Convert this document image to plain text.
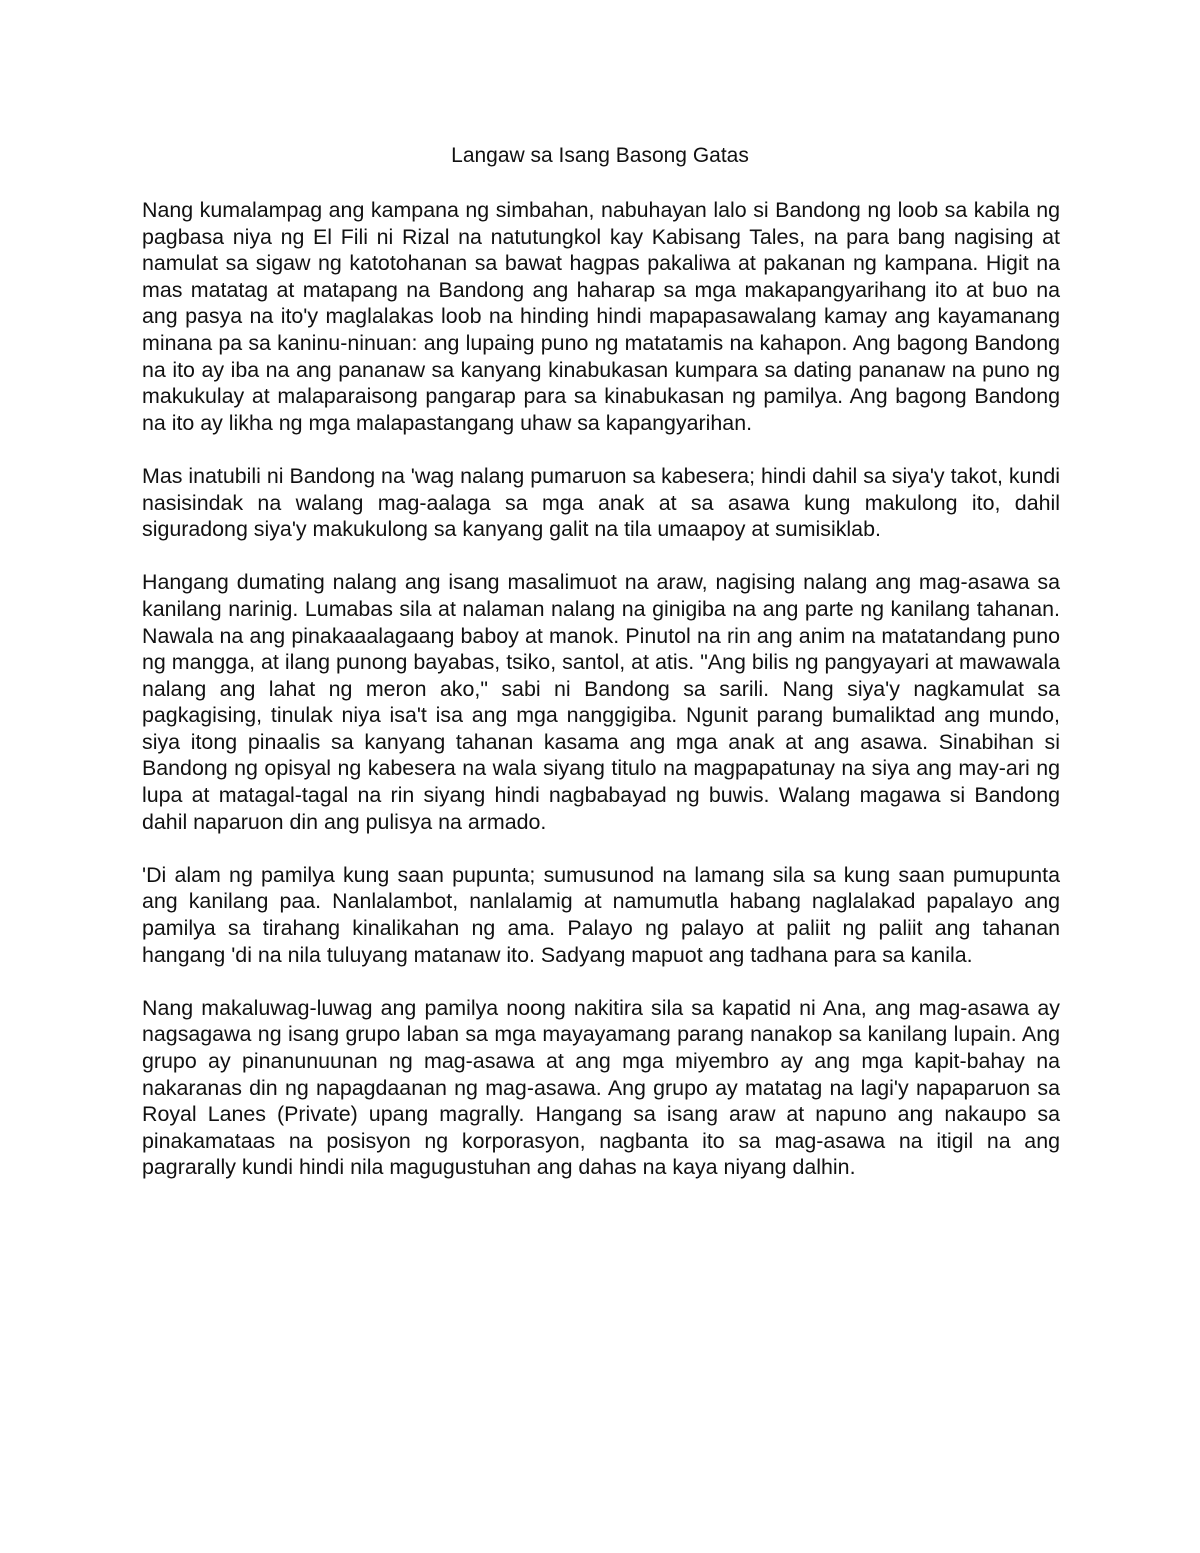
Langaw sa Isang Basong Gatas

Nang kumalampag ang kampana ng simbahan, nabuhayan lalo si Bandong ng loob sa kabila ng pagbasa niya ng El Fili ni Rizal na natutungkol kay Kabisang Tales, na para bang nagising at namulat sa sigaw ng katotohanan sa bawat hagpas pakaliwa at pakanan ng kampana. Higit na mas matatag at matapang na Bandong ang haharap sa mga makapangyarihang ito at buo na ang pasya na ito'y maglalakas loob na hinding hindi mapapasawalang kamay ang kayamanang minana pa sa kaninu-ninuan: ang lupaing puno ng matatamis na kahapon. Ang bagong Bandong na ito ay iba na ang pananaw sa kanyang kinabukasan kumpara sa dating pananaw na puno ng makukulay at malaparaisong pangarap para sa kinabukasan ng pamilya. Ang bagong Bandong na ito ay likha ng mga malapastangang uhaw sa kapangyarihan.

Mas inatubili ni Bandong na 'wag nalang pumaruon sa kabesera; hindi dahil sa siya'y takot, kundi nasisindak na walang mag-aalaga sa mga anak at sa asawa kung makulong ito, dahil siguradong siya'y makukulong sa kanyang galit na tila umaapoy at sumisiklab.

Hangang dumating nalang ang isang masalimuot na araw, nagising nalang ang mag-asawa sa kanilang narinig. Lumabas sila at nalaman nalang na ginigiba na ang parte ng kanilang tahanan. Nawala na ang pinakaaalagaang baboy at manok. Pinutol na rin ang anim na matatandang puno ng mangga, at ilang punong bayabas, tsiko, santol, at atis. "Ang bilis ng pangyayari at mawawala nalang ang lahat ng meron ako," sabi ni Bandong sa sarili. Nang siya'y nagkamulat sa pagkagising, tinulak niya isa't isa ang mga nanggigiba. Ngunit parang bumaliktad ang mundo, siya itong pinaalis sa kanyang tahanan kasama ang mga anak at ang asawa. Sinabihan si Bandong ng opisyal ng kabesera na wala siyang titulo na magpapatunay na siya ang may-ari ng lupa at matagal-tagal na rin siyang hindi nagbabayad ng buwis. Walang magawa si Bandong dahil naparuon din ang pulisya na armado.

'Di alam ng pamilya kung saan pupunta; sumusunod na lamang sila sa kung saan pumupunta ang kanilang paa. Nanlalambot, nanlalamig at namumutla habang naglalakad papalayo ang pamilya sa tirahang kinalikahan ng ama. Palayo ng palayo at paliit ng paliit ang tahanan hangang 'di na nila tuluyang matanaw ito. Sadyang mapuot ang tadhana para sa kanila.

Nang makaluwag-luwag ang pamilya noong nakitira sila sa kapatid ni Ana, ang mag-asawa ay nagsagawa ng isang grupo laban sa mga mayayamang parang nanakop sa kanilang lupain. Ang grupo ay pinanunuunan ng mag-asawa at ang mga miyembro ay ang mga kapit-bahay na nakaranas din ng napagdaanan ng mag-asawa. Ang grupo ay matatag na lagi'y napaparuon sa Royal Lanes (Private) upang magrally. Hangang sa isang araw at napuno ang nakaupo sa pinakamataas na posisyon ng korporasyon, nagbanta ito sa mag-asawa na itigil na ang pagrarally kundi hindi nila magugustuhan ang dahas na kaya niyang dalhin.
